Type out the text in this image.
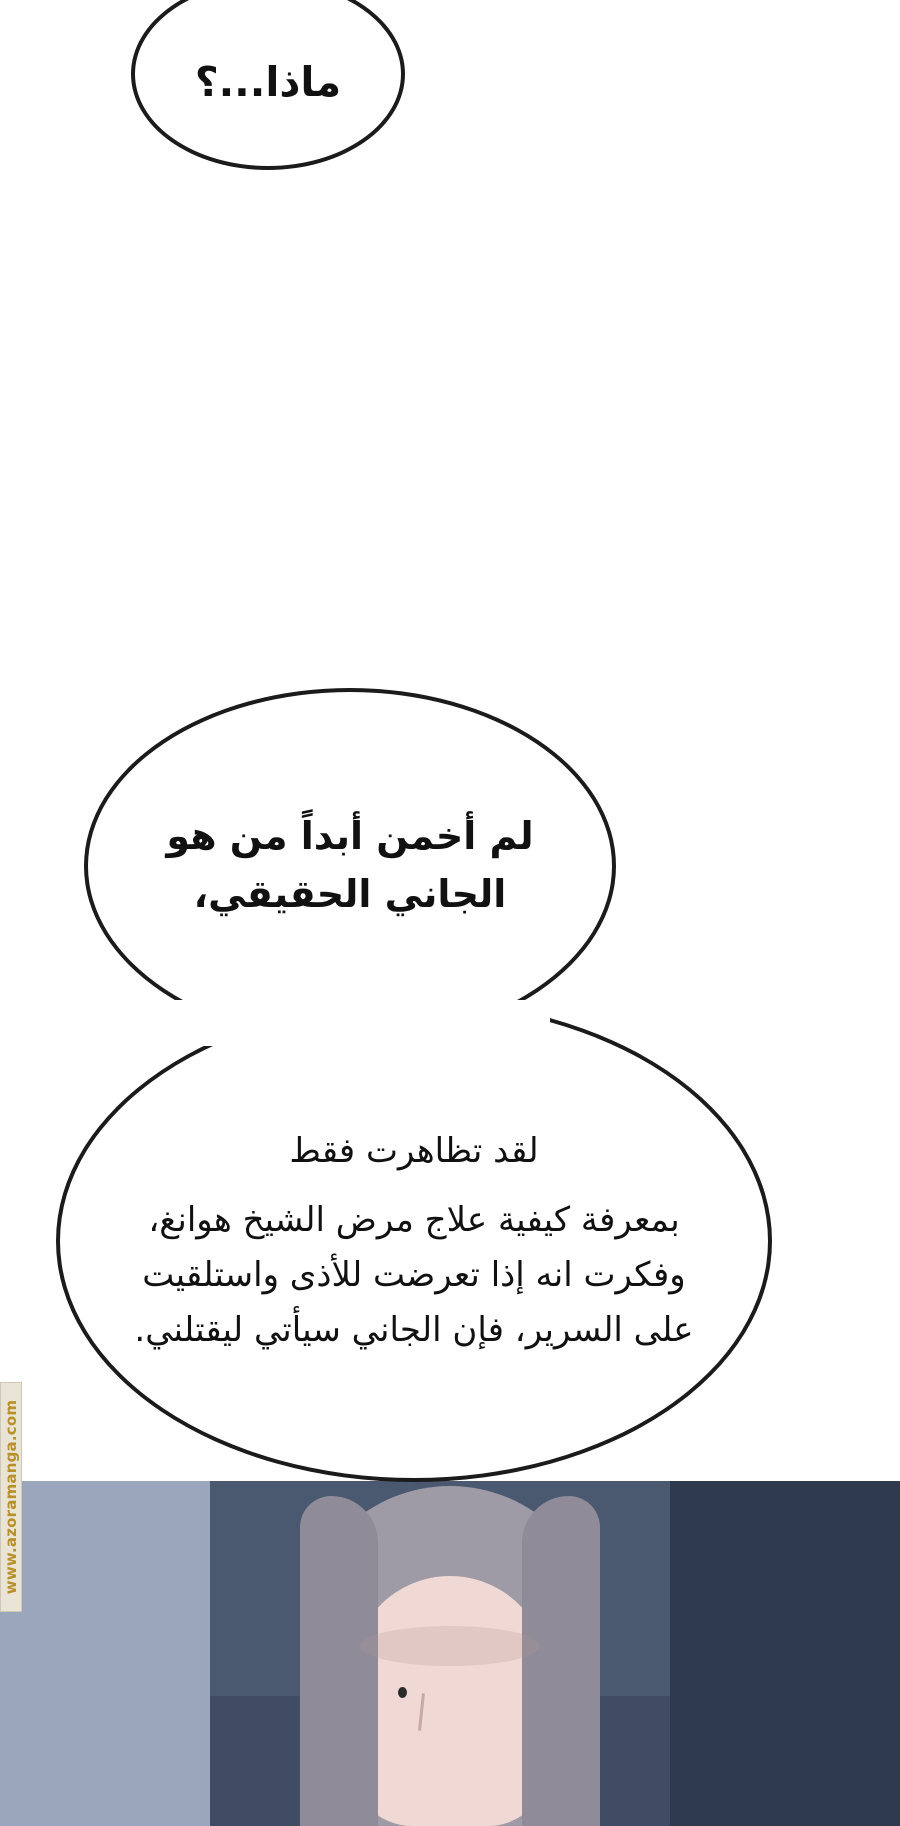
ماذا...؟
لقد تظاهرت فقط
بمعرفة كيفية علاج مرض الشيخ هوانغ، وفكرت انه إذا تعرضت للأذى واستلقيت على السرير، فإن الجاني سيأتي ليقتلني.
لم أخمن أبداً من هو الجاني الحقيقي،
www.azoramanga.com
